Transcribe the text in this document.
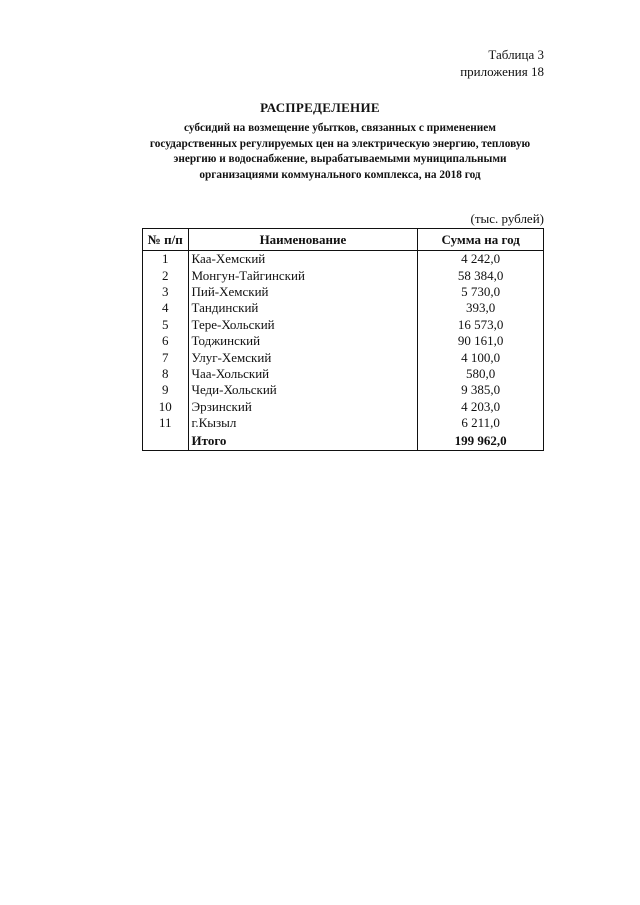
Таблица 3
приложения 18
РАСПРЕДЕЛЕНИЕ
субсидий на возмещение убытков, связанных с применением государственных регулируемых цен на электрическую энергию, тепловую энергию и водоснабжение, вырабатываемыми муниципальными организациями коммунального комплекса, на 2018 год
(тыс. рублей)
№ п/п	Наименование	Сумма на год
1	Каа-Хемский	4 242,0
2	Монгун-Тайгинский	58 384,0
3	Пий-Хемский	5 730,0
4	Тандинский	393,0
5	Тере-Хольский	16 573,0
6	Тоджинский	90 161,0
7	Улуг-Хемский	4 100,0
8	Чаа-Хольский	580,0
9	Чеди-Хольский	9 385,0
10	Эрзинский	4 203,0
11	г.Кызыл	6 211,0
	Итого	199 962,0
